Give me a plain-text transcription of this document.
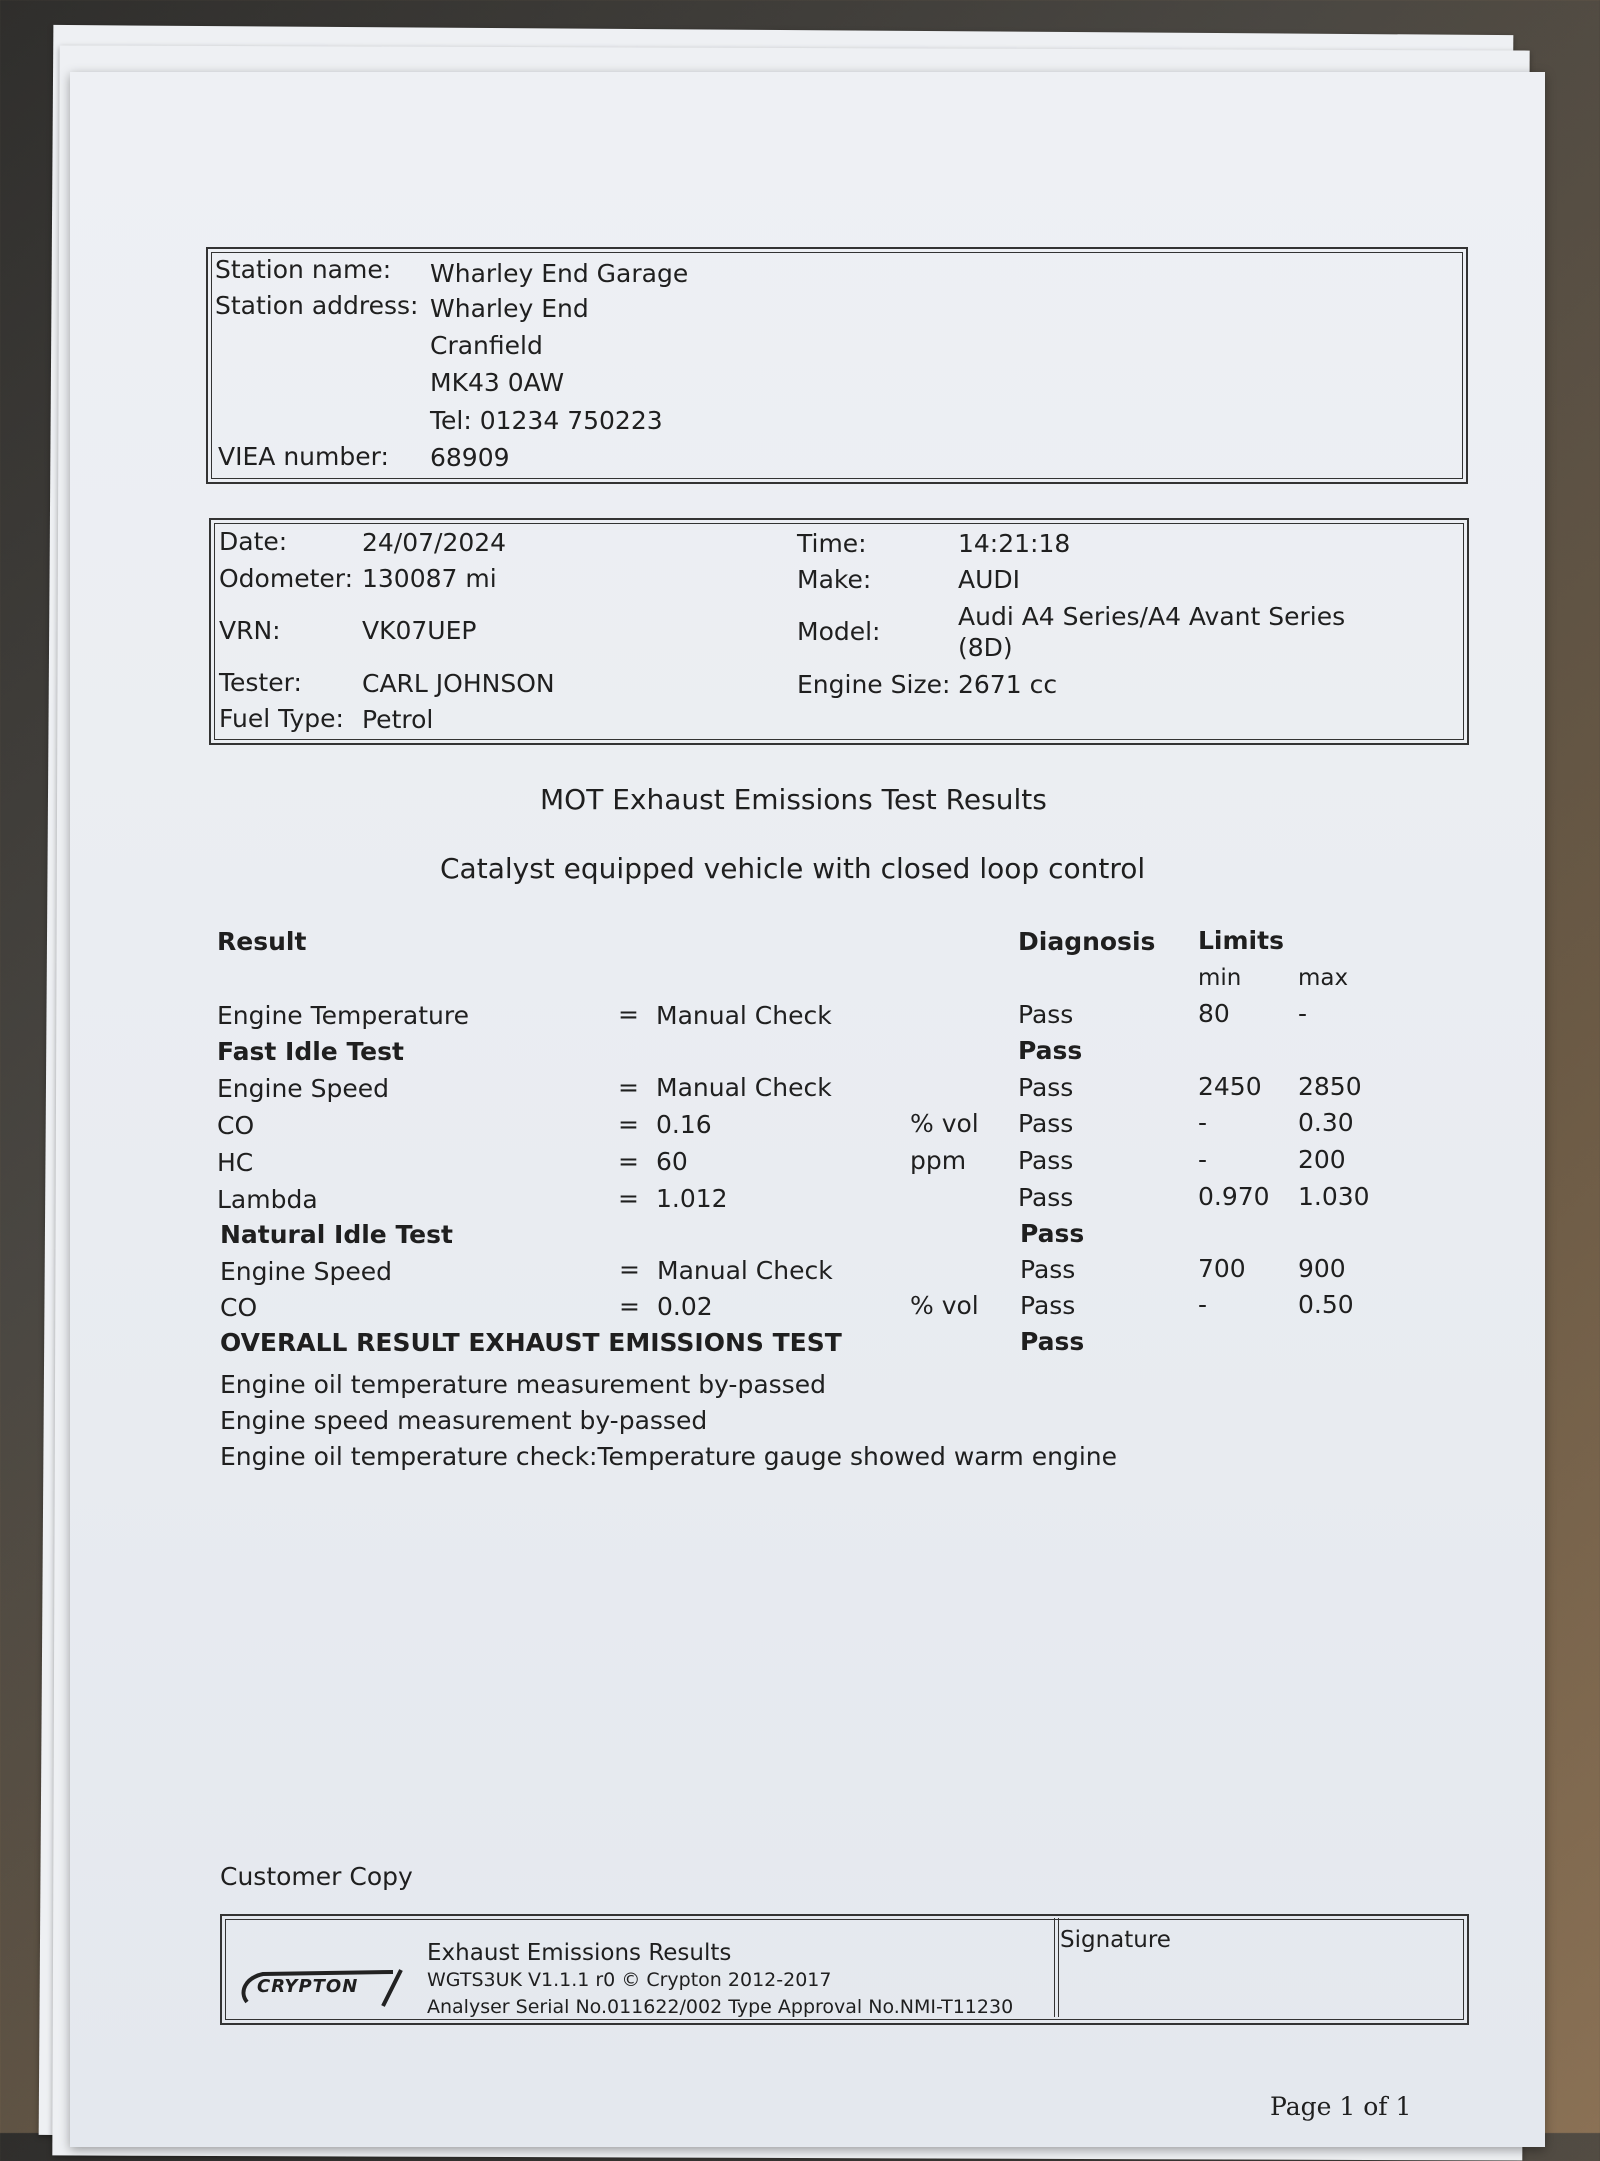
Station name: Wharley End Garage
Station address: Wharley End
Cranfield
MK43 0AW
Tel: 01234 750223
VIEA number: 68909
Date:	24/07/2024	Time:	14:21:18
Odometer: 130087 mi	Make:	AUDI
VRN:	VK07UEP	Model:
Audi A4 Series/A4 Avant Series
(8D)
Tester: CARL JOHNSON	Engine Size: 2671 cc
Fuel Type: Petrol
MOT Exhaust Emissions Test Results
Catalyst equipped vehicle with closed loop control
Result	Diagnosis Limits
min max
Engine Temperature	= Manual Check	Pass	80	-
Fast Idle Test	Pass
Engine Speed	= Manual Check	Pass	2450 2850
CO	= 0.16	% vol Pass	-	0.30
HC	= 60	ppm Pass	-	200
Lambda	= 1.012	Pass	0.970 1.030
Natural Idle Test	Pass
Engine Speed	= Manual Check	Pass	700 900
CO	= 0.02	% vol Pass	-	0.50
OVERALL RESULT EXHAUST EMISSIONS TEST	Pass
Engine oil temperature measurement by-passed
Engine speed measurement by-passed
Engine oil temperature check:Temperature gauge showed warm engine
Customer Copy
Signature
CRYPTON
Exhaust Emissions Results
WGTS3UK V1.1.1 r0 © Crypton 2012-2017
Analyser Serial No.011622/002 Type Approval No.NMI-T11230
Page 1 of 1
